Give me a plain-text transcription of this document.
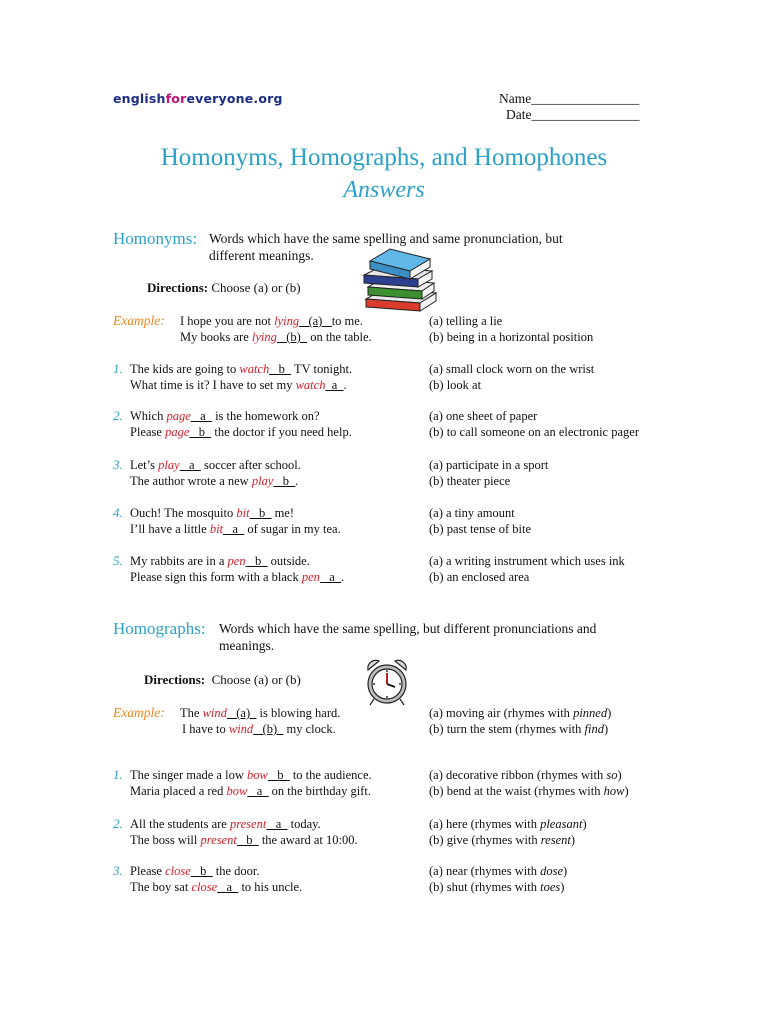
englishforeveryone.org	Name________________
Date________________
Homonyms, Homographs, and Homophones
Answers
Homonyms: Words which have the same spelling and same pronunciation, but
different meanings.
Directions: Choose (a) or (b)
Example: I hope you are not lying _(a)_ to me.
My books are lying _(b)_ on the table.
(a) telling a lie
(b) being in a horizontal position
1. The kids are going to watch _b_ TV tonight.
What time is it? I have to set my watch_a_.
(a) small clock worn on the wrist
(b) look at
2. Which page _a_ is the homework on?
Please page _b_ the doctor if you need help.
(a) one sheet of paper
(b) to call someone on an electronic pager
3. Let’s play _a_ soccer after school.
The author wrote a new play _b_.
(a) participate in a sport
(b) theater piece
4. Ouch! The mosquito bit _b_ me!
I’ll have a little bit _a_ of sugar in my tea.
(a) a tiny amount
(b) past tense of bite
5. My rabbits are in a pen _b_ outside.
Please sign this form with a black pen _a_.
(a) a writing instrument which uses ink
(b) an enclosed area
Homographs: Words which have the same spelling, but different pronunciations and
meanings.
Directions: Choose (a) or (b)
Example: The wind _(a)_ is blowing hard.
I have to wind _(b)_ my clock.
(a) moving air (rhymes with pinned)
(b) turn the stem (rhymes with find)
1. The singer made a low bow _b_ to the audience.
Maria placed a red bow _a_ on the birthday gift.
(a) decorative ribbon (rhymes with so)
(b) bend at the waist (rhymes with how)
2. All the students are present _a_ today.
The boss will present _b_ the award at 10:00.
(a) here (rhymes with pleasant)
(b) give (rhymes with resent)
3. Please close _b_ the door.
The boy sat close _a_ to his uncle.
(a) near (rhymes with dose)
(b) shut (rhymes with toes)
